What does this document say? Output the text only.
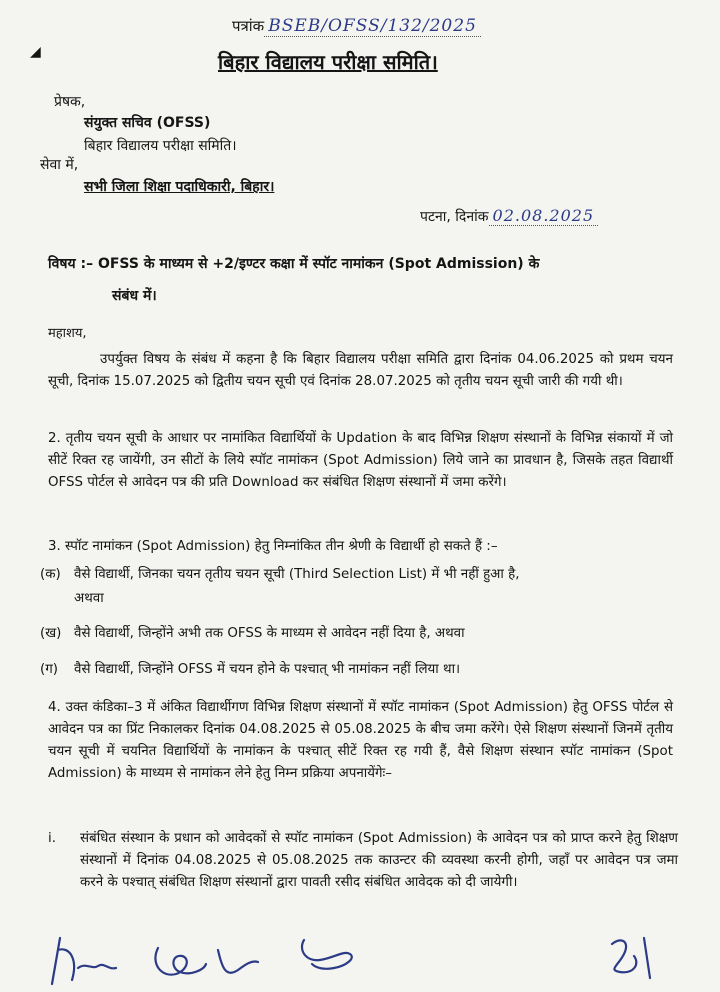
◢
पत्रांक BSEB/OFSS/132/2025
बिहार विद्यालय परीक्षा समिति।
प्रेषक,
संयुक्त सचिव (OFSS)
बिहार विद्यालय परीक्षा समिति।
सेवा में,
सभी जिला शिक्षा पदाधिकारी, बिहार।
पटना, दिनांक 02.08.2025
विषय :– OFSS के माध्यम से +2/इण्टर कक्षा में स्पॉट नामांकन (Spot Admission) के
संबंध में।
महाशय,
उपर्युक्त विषय के संबंध में कहना है कि बिहार विद्यालय परीक्षा समिति द्वारा दिनांक 04.06.2025 को प्रथम चयन सूची, दिनांक 15.07.2025 को द्वितीय चयन सूची एवं दिनांक 28.07.2025 को तृतीय चयन सूची जारी की गयी थी।
2. तृतीय चयन सूची के आधार पर नामांकित विद्यार्थियों के Updation के बाद विभिन्न शिक्षण संस्थानों के विभिन्न संकायों में जो सीटें रिक्त रह जायेंगी, उन सीटों के लिये स्पॉट नामांकन (Spot Admission) लिये जाने का प्रावधान है, जिसके तहत विद्यार्थी OFSS पोर्टल से आवेदन पत्र की प्रति Download कर संबंधित शिक्षण संस्थानों में जमा करेंगे।
3. स्पॉट नामांकन (Spot Admission) हेतु निम्नांकित तीन श्रेणी के विद्यार्थी हो सकते हैं :–
(क) वैसे विद्यार्थी, जिनका चयन तृतीय चयन सूची (Third Selection List) में भी नहीं हुआ है,
अथवा
(ख) वैसे विद्यार्थी, जिन्होंने अभी तक OFSS के माध्यम से आवेदन नहीं दिया है, अथवा
(ग) वैसे विद्यार्थी, जिन्होंने OFSS में चयन होने के पश्चात् भी नामांकन नहीं लिया था।
4. उक्त कंडिका–3 में अंकित विद्यार्थीगण विभिन्न शिक्षण संस्थानों में स्पॉट नामांकन (Spot Admission) हेतु OFSS पोर्टल से आवेदन पत्र का प्रिंट निकालकर दिनांक 04.08.2025 से 05.08.2025 के बीच जमा करेंगे। ऐसे शिक्षण संस्थानों जिनमें तृतीय चयन सूची में चयनित विद्यार्थियों के नामांकन के पश्चात् सीटें रिक्त रह गयी हैं, वैसे शिक्षण संस्थान स्पॉट नामांकन (Spot Admission) के माध्यम से नामांकन लेने हेतु निम्न प्रक्रिया अपनायेंगेः–
i. संबंधित संस्थान के प्रधान को आवेदकों से स्पॉट नामांकन (Spot Admission) के आवेदन पत्र को प्राप्त करने हेतु शिक्षण संस्थानों में दिनांक 04.08.2025 से 05.08.2025 तक काउन्टर की व्यवस्था करनी होगी, जहाँ पर आवेदन पत्र जमा करने के पश्चात् संबंधित शिक्षण संस्थानों द्वारा पावती रसीद संबंधित आवेदक को दी जायेगी।
